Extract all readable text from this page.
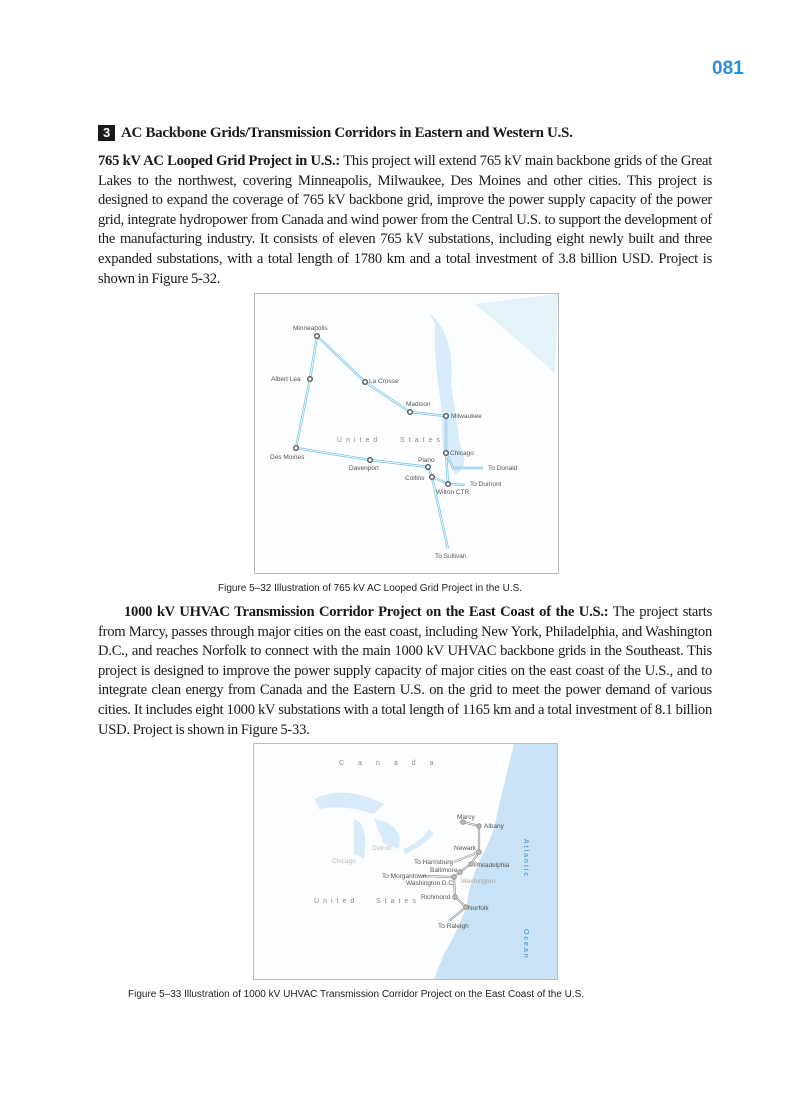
081
3 AC Backbone Grids/Transmission Corridors in Eastern and Western U.S.

765 kV AC Looped Grid Project in U.S.: This project will extend 765 kV main backbone grids of the Great Lakes to the northwest, covering Minneapolis, Milwaukee, Des Moines and other cities. This project is designed to expand the coverage of 765 kV backbone grid, improve the power supply capacity of the power grid, integrate hydropower from Canada and wind power from the Central U.S. to support the development of the manufacturing industry. It consists of eleven 765 kV substations, including eight newly built and three expanded substations, with a total length of 1780 km and a total investment of 3.8 billion USD. Project is shown in Figure 5-32.

United	States
Minneapolis
Albert Lea	La Crosse
Madison
Milwaukee
Des Moines
Davenport
Plano
Collins
Chicago
Wilton CTR
To Donald
To Dumont
To Sullivan
Figure 5–32 Illustration of 765 kV AC Looped Grid Project in the U.S.

1000 kV UHVAC Transmission Corridor Project on the East Coast of the U.S.: The project starts from Marcy, passes through major cities on the east coast, including New York, Philadelphia, and Washington D.C., and reaches Norfolk to connect with the main 1000 kV UHVAC backbone grids in the Southeast. This project is designed to improve the power supply capacity of major cities on the east coast of the U.S., and to integrate clean energy from Canada and the Eastern U.S. on the grid to meet the power demand of various cities. It includes eight 1000 kV substations with a total length of 1165 km and a total investment of 8.1 billion USD. Project is shown in Figure 5-33.

Canada
United	States
Atlantic
Ocean
Detroit
Chicago
Marcy
Albany
Newark
To Harrisburg	Philadelphia
Baltimore
To Morgantown
Washington D.C. Washington
Richmond
Norfolk
To Raleigh
Figure 5–33 Illustration of 1000 kV UHVAC Transmission Corridor Project on the East Coast of the U.S.
